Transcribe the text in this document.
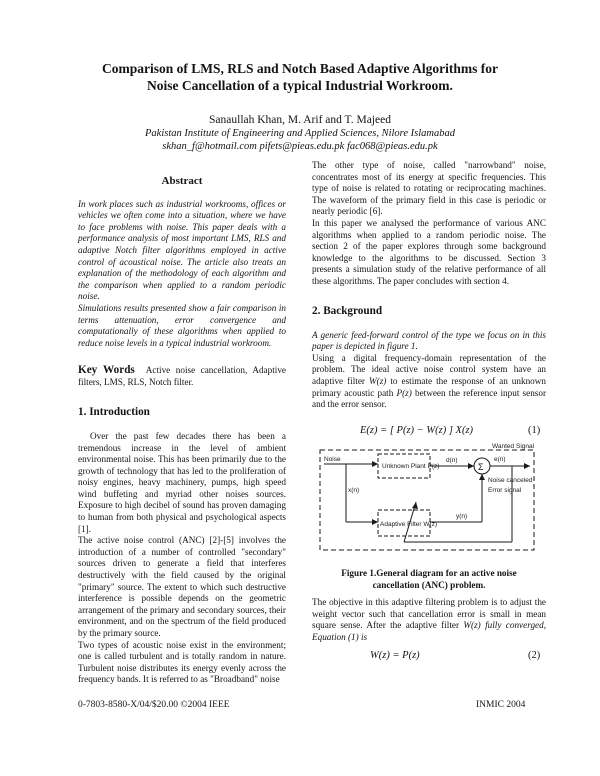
Comparison of LMS, RLS and Notch Based Adaptive Algorithms for
Noise Cancellation of a typical Industrial Workroom.
Sanaullah Khan, M. Arif and T. Majeed
Pakistan Institute of Engineering and Applied Sciences, Nilore Islamabad
skhan_f@hotmail.com pifets@pieas.edu.pk fac068@pieas.edu.pk
Abstract

In work places such as industrial workrooms, offices or vehicles we often come into a situation, where we have to face problems with noise. This paper deals with a performance analysis of most important LMS, RLS and adaptive Notch filter algorithms employed in active control of acoustical noise. The article also treats an explanation of the methodology of each algorithm and the comparison when applied to a random periodic noise.

Simulations results presented show a fair comparison in terms attenuation, error convergence and computationally of these algorithms when applied to reduce noise levels in a typical industrial workroom.

Key Words Active noise cancellation, Adaptive filters, LMS, RLS, Notch filter.

1. Introduction

Over the past few decades there has been a tremendous increase in the level of ambient environmental noise. This has been primarily due to the growth of technology that has led to the proliferation of noisy engines, heavy machinery, pumps, high speed wind buffeting and myriad other noises sources. Exposure to high decibel of sound has proven damaging to human from both physical and psychological aspects [1].

The active noise control (ANC) [2]-[5] involves the introduction of a number of controlled "secondary" sources driven to generate a field that interferes destructively with the field caused by the original "primary" source. The extent to which such destructive interference is possible depends on the geometric arrangement of the primary and secondary sources, their environment, and on the spectrum of the field produced by the primary source.

Two types of acoustic noise exist in the environment; one is called turbulent and is totally random in nature. Turbulent noise distributes its energy evenly across the frequency bands. It is referred to as "Broadband" noise

The other type of noise, called "narrowband" noise, concentrates most of its energy at specific frequencies. This type of noise is related to rotating or reciprocating machines. The waveform of the primary field in this case is periodic or nearly periodic [6].

In this paper we analysed the performance of various ANC algorithms when applied to a random periodic noise. The section 2 of the paper explores through some background knowledge to the algorithms to be discussed. Section 3 presents a simulation study of the relative performance of all these algorithms. The paper concludes with section 4.

2. Background

A generic feed-forward control of the type we focus on in this paper is depicted in figure 1.

Using a digital frequency-domain representation of the problem. The ideal active noise control system have an adaptive filter W(z) to estimate the response of an unknown primary acoustic path P(z) between the reference input sensor and the error sensor.

E(z) = [ P(z) − W(z) ] X(z)	(1)
Noise
x(n)
Unknown Plant P(z)
d(n)
y(n)
e(n)
Adaptive Filter W(z)
Σ
Wanted Signal
Noise canceled
Error signal
Figure 1.General diagram for an active noise
cancellation (ANC) problem.

The objective in this adaptive filtering problem is to adjust the weight vector such that cancellation error is small in mean square sense. After the adaptive filter W(z) fully converged, Equation (1) is

W(z) = P(z)	(2)
0-7803-8580-X/04/$20.00 ©2004 IEEE	INMIC 2004
